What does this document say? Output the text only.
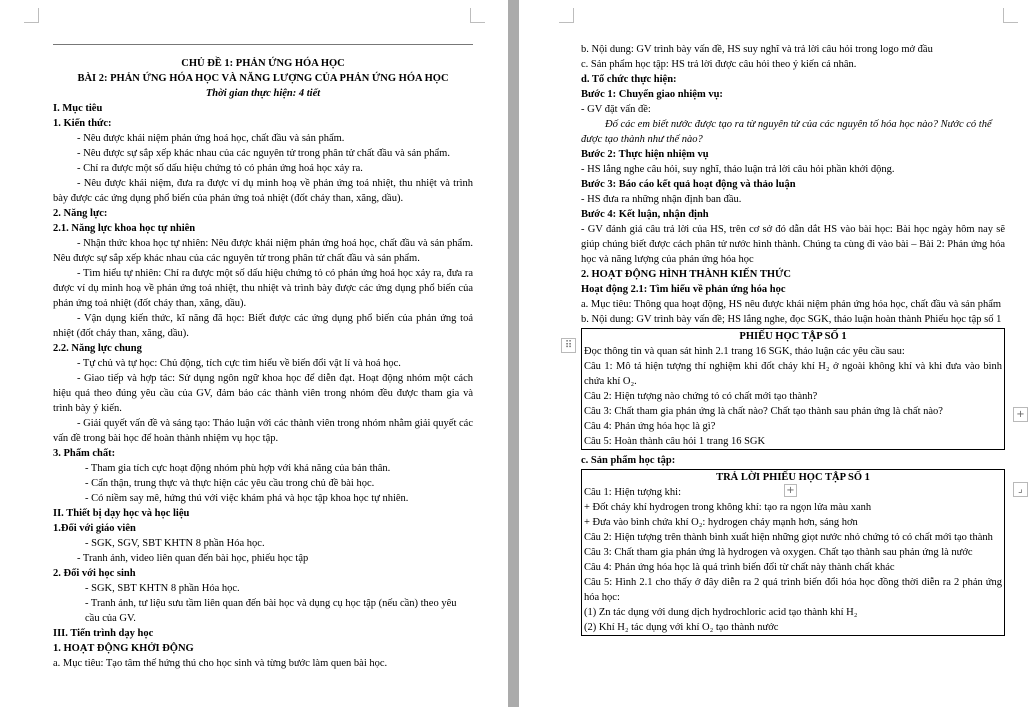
CHỦ ĐỀ 1: PHẢN ỨNG HÓA HỌC
BÀI 2: PHẢN ỨNG HÓA HỌC VÀ NĂNG LƯỢNG CỦA PHẢN ỨNG HÓA HỌC
Thời gian thực hiện: 4 tiết
I. Mục tiêu
1. Kiến thức:
- Nêu được khái niệm phản ứng hoá học, chất đầu và sản phẩm.
- Nêu được sự sắp xếp khác nhau của các nguyên tử trong phân tử chất đầu và sản phẩm.
- Chỉ ra được một số dấu hiệu chứng tỏ có phản ứng hoá học xảy ra.
- Nêu được khái niệm, đưa ra được ví dụ minh hoạ về phản ứng toả nhiệt, thu nhiệt và trình bày được các ứng dụng phổ biến của phản ứng toả nhiệt (đốt cháy than, xăng, dầu).
2. Năng lực:
2.1. Năng lực khoa học tự nhiên
- Nhận thức khoa học tự nhiên: Nêu được khái niệm phản ứng hoá học, chất đầu và sản phẩm. Nêu được sự sắp xếp khác nhau của các nguyên tử trong phân tử chất đầu và sản phẩm.
- Tìm hiểu tự nhiên: Chỉ ra được một số dấu hiệu chứng tỏ có phản ứng hoá học xảy ra, đưa ra được ví dụ minh hoạ về phản ứng toả nhiệt, thu nhiệt và trình bày được các ứng dụng phổ biến của phản ứng toả nhiệt (đốt cháy than, xăng, dầu).
- Vận dụng kiến thức, kĩ năng đã học: Biết được các ứng dụng phổ biến của phản ứng toả nhiệt (đốt cháy than, xăng, dầu).
2.2. Năng lực chung
- Tự chủ và tự học: Chủ động, tích cực tìm hiểu về biến đổi vật lí và hoá học.
- Giao tiếp và hợp tác: Sử dụng ngôn ngữ khoa học để diễn đạt. Hoạt động nhóm một cách hiệu quả theo đúng yêu cầu của GV, đảm bảo các thành viên trong nhóm đều được tham gia và trình bày ý kiến.
- Giải quyết vấn đề và sáng tạo: Thảo luận với các thành viên trong nhóm nhằm giải quyết các vấn đề trong bài học để hoàn thành nhiệm vụ học tập.
3. Phẩm chất:
- Tham gia tích cực hoạt động nhóm phù hợp với khả năng của bản thân.
- Cẩn thận, trung thực và thực hiện các yêu cầu trong chủ đề bài học.
- Có niềm say mê, hứng thú với việc khám phá và học tập khoa học tự nhiên.
II. Thiết bị dạy học và học liệu
1.Đối với giáo viên
- SGK, SGV, SBT KHTN 8 phần Hóa học.
- Tranh ảnh, video liên quan đến bài học, phiếu học tập
2. Đối với học sinh
- SGK, SBT KHTN 8 phần Hóa học.
- Tranh ảnh, tư liệu sưu tầm liên quan đến bài học và dụng cụ học tập (nếu cần) theo yêu cầu của GV.
III. Tiến trình dạy học
1. HOẠT ĐỘNG KHỞI ĐỘNG
a. Mục tiêu: Tạo tâm thế hứng thú cho học sinh và từng bước làm quen bài học.
b. Nội dung: GV trình bày vấn đề, HS suy nghĩ và trả lời câu hỏi trong logo mở đầu
c. Sản phẩm học tập: HS trả lời được câu hỏi theo ý kiến cá nhân.
d. Tổ chức thực hiện:
Bước 1: Chuyển giao nhiệm vụ:
- GV đặt vấn đề:
Đố các em biết nước được tạo ra từ nguyên tử của các nguyên tố hóa học nào? Nước có thể được tạo thành như thế nào?
Bước 2: Thực hiện nhiệm vụ
- HS lắng nghe câu hỏi, suy nghĩ, thảo luận trả lời câu hỏi phần khởi động.
Bước 3: Báo cáo kết quả hoạt động và thảo luận
- HS đưa ra những nhận định ban đầu.
Bước 4: Kết luận, nhận định
- GV đánh giá câu trả lời của HS, trên cơ sở đó dẫn dắt HS vào bài học: Bài học ngày hôm nay sẽ giúp chúng biết được cách phân tử nước hình thành. Chúng ta cùng đi vào bài – Bài 2: Phản ứng hóa học và năng lượng của phản ứng hóa học
2. HOẠT ĐỘNG HÌNH THÀNH KIẾN THỨC
Hoạt động 2.1: Tìm hiểu về phản ứng hóa học
a. Mục tiêu: Thông qua hoạt động, HS nêu được khái niệm phản ứng hóa học, chất đầu và sản phẩm
b. Nội dung: GV trình bày vấn đề; HS lắng nghe, đọc SGK, thảo luận hoàn thành Phiếu học tập số 1
PHIẾU HỌC TẬP SỐ 1
Đọc thông tin và quan sát hình 2.1 trang 16 SGK, thảo luận các yêu cầu sau:
Câu 1: Mô tả hiện tượng thí nghiệm khi đốt cháy khí H₂ ở ngoài không khí và khi đưa vào bình chứa khí O₂.
Câu 2: Hiện tượng nào chứng tỏ có chất mới tạo thành?
Câu 3: Chất tham gia phản ứng là chất nào? Chất tạo thành sau phản ứng là chất nào?
Câu 4: Phản ứng hóa học là gì?
Câu 5: Hoàn thành câu hỏi 1 trang 16 SGK
c. Sản phẩm học tập:
TRẢ LỜI PHIẾU HỌC TẬP SỐ 1
Câu 1: Hiện tượng khi:
+ Đốt cháy khí hydrogen trong không khí: tạo ra ngọn lửa màu xanh
+ Đưa vào bình chứa khí O₂: hydrogen cháy mạnh hơn, sáng hơn
Câu 2: Hiện tượng trên thành bình xuất hiện những giọt nước nhỏ chứng tỏ có chất mới tạo thành
Câu 3: Chất tham gia phản ứng là hydrogen và oxygen. Chất tạo thành sau phản ứng là nước
Câu 4: Phản ứng hóa học là quá trình biến đổi từ chất này thành chất khác
Câu 5: Hình 2.1 cho thấy ở đây diễn ra 2 quá trình biến đổi hóa học đồng thời diễn ra 2 phản ứng hóa học:
(1) Zn tác dụng với dung dịch hydrochloric acid tạo thành khí H₂
(2) Khí H₂ tác dụng với khí O₂ tạo thành nước
⠿
+
+	⌟
